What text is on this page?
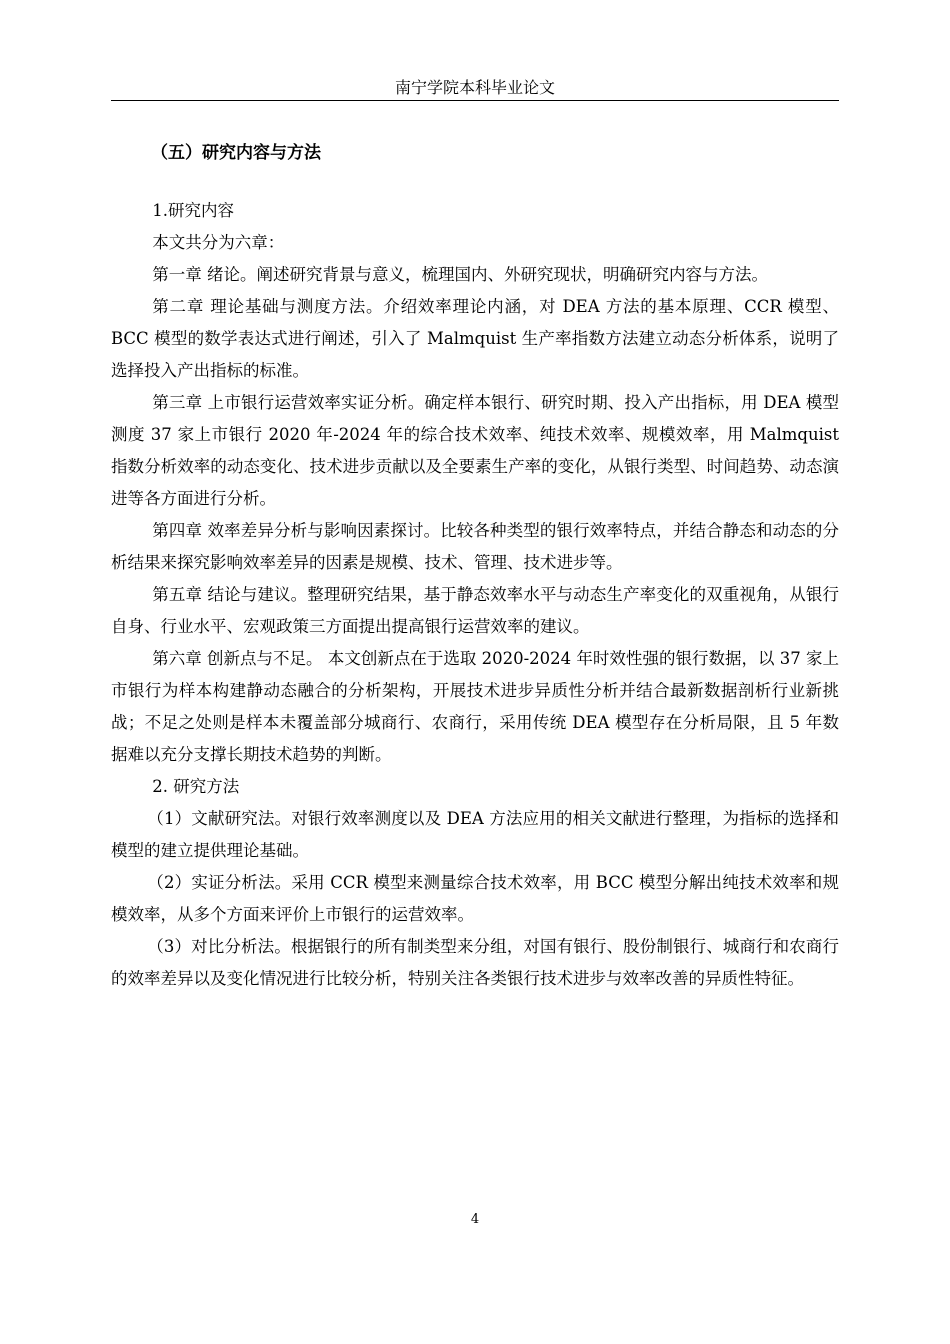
南宁学院本科毕业论文
（五）研究内容与方法

1.研究内容

本文共分为六章：

第一章 绪论。阐述研究背景与意义，梳理国内、外研究现状，明确研究内容与方法。

第二章 理论基础与测度方法。介绍效率理论内涵，对 DEA 方法的基本原理、CCR 模型、BCC 模型的数学表达式进行阐述，引入了 Malmquist 生产率指数方法建立动态分析体系，说明了选择投入产出指标的标准。

第三章 上市银行运营效率实证分析。确定样本银行、研究时期、投入产出指标，用 DEA 模型测度 37 家上市银行 2020 年-2024 年的综合技术效率、纯技术效率、规模效率，用 Malmquist 指数分析效率的动态变化、技术进步贡献以及全要素生产率的变化，从银行类型、时间趋势、动态演进等各方面进行分析。

第四章 效率差异分析与影响因素探讨。比较各种类型的银行效率特点，并结合静态和动态的分析结果来探究影响效率差异的因素是规模、技术、管理、技术进步等。

第五章 结论与建议。整理研究结果，基于静态效率水平与动态生产率变化的双重视角，从银行自身、行业水平、宏观政策三方面提出提高银行运营效率的建议。

第六章 创新点与不足。 本文创新点在于选取 2020-2024 年时效性强的银行数据，以 37 家上市银行为样本构建静动态融合的分析架构，开展技术进步异质性分析并结合最新数据剖析行业新挑战；不足之处则是样本未覆盖部分城商行、农商行，采用传统 DEA 模型存在分析局限，且 5 年数据难以充分支撑长期技术趋势的判断。

2. 研究方法

（1）文献研究法。对银行效率测度以及 DEA 方法应用的相关文献进行整理，为指标的选择和模型的建立提供理论基础。

（2）实证分析法。采用 CCR 模型来测量综合技术效率，用 BCC 模型分解出纯技术效率和规模效率，从多个方面来评价上市银行的运营效率。

（3）对比分析法。根据银行的所有制类型来分组，对国有银行、股份制银行、城商行和农商行的效率差异以及变化情况进行比较分析，特别关注各类银行技术进步与效率改善的异质性特征。

4
